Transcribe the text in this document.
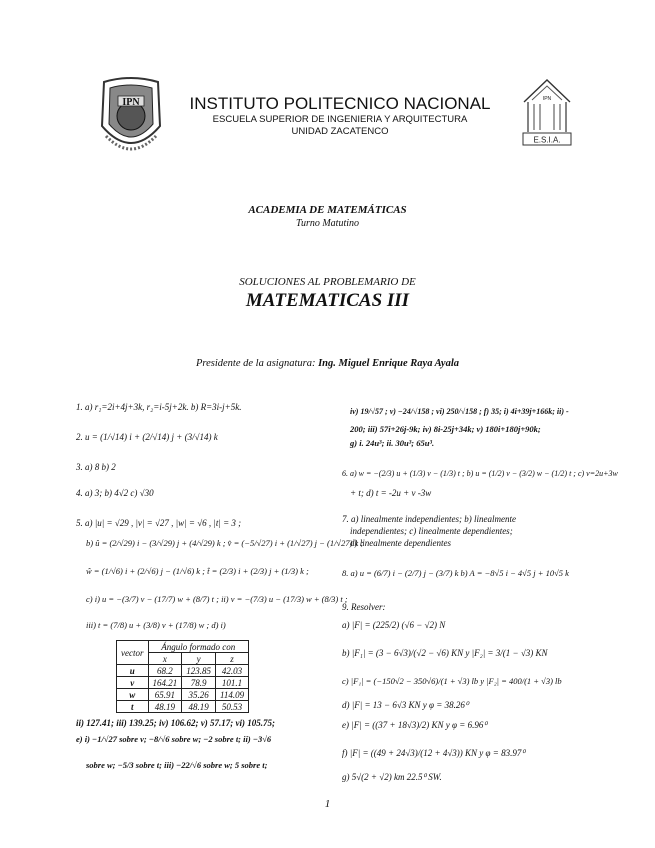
IPN	IPN
E.S.I.A.
INSTITUTO POLITECNICO NACIONAL
ESCUELA SUPERIOR DE INGENIERIA Y ARQUITECTURA
UNIDAD ZACATENCO
ACADEMIA DE MATEMÁTICAS
Turno Matutino
SOLUCIONES AL PROBLEMARIO DE
MATEMATICAS III
Presidente de la asignatura: Ing. Miguel Enrique Raya Ayala
1. a) r₁=2i+4j+3k, r₂=i-5j+2k. b) R=3i-j+5k.
2. u = (1/√14) i + (2/√14) j + (3/√14) k
3. a) 8 b) 2
4. a) 3; b) 4√2 c) √30
5. a) |u| = √29 , |v| = √27 , |w| = √6 , |t| = 3 ;
b) û = (2/√29) i − (3/√29) j + (4/√29) k ; v̂ = (−5/√27) i + (1/√27) j − (1/√27) k ;
ŵ = (1/√6) i + (2/√6) j − (1/√6) k ; t̂ = (2/3) i + (2/3) j + (1/3) k ;
c) i) u = −(3/7) v − (17/7) w + (8/7) t ; ii) v = −(7/3) u − (17/3) w + (8/3) t ;
iii) t = (7/8) u + (3/8) v + (17/8) w ; d) i)
vector	Ángulo formado con		
	x	y	z
u	68.2	123.85	42.03
v	164.21	78.9	101.1
w	65.91	35.26	114.09
t	48.19	48.19	50.53
ii) 127.41; iii) 139.25; iv) 106.62; v) 57.17; vi) 105.75;
e) i) −1/√27 sobre v; −8/√6 sobre w; −2 sobre t; ii) −3√6
sobre w; −5/3 sobre t; iii) −22/√6 sobre w; 5 sobre t;
iv) 19/√57 ; v) −24/√158 ; vi) 250/√158 ; f) 35; i) 4i+39j+166k; ii) -
200; iii) 57i+26j-9k; iv) 8i-25j+34k; v) 180i+180j+90k;
g) i. 24u³; ii. 30u³; 65u³.
6. a) w = −(2/3) u + (1/3) v − (1/3) t ; b) u = (1/2) v − (3/2) w − (1/2) t ; c) v=2u+3w
+ t; d) t = -2u + v -3w
7. a) linealmente independientes; b) linealmente
independientes; c) linealmente dependientes;
d) linealmente dependientes
8. a) u = (6/7) i − (2/7) j − (3/7) k b) A = −8√5 i − 4√5 j + 10√5 k
9. Resolver:
a) |F| = (225/2) (√6 − √2) N
b) |F₁| = (3 − 6√3)/(√2 − √6) KN y |F₂| = 3/(1 − √3) KN
c) |F₁| = (−150√2 − 350√6)/(1 + √3) lb y |F₂| = 400/(1 + √3) lb
d) |F| = 13 − 6√3 KN y φ = 38.26⁰
e) |F| = ((37 + 18√3)/2) KN y φ = 6.96⁰
f) |F| = ((49 + 24√3)/(12 + 4√3)) KN y φ = 83.97⁰
g) 5√(2 + √2) km 22.5⁰ SW.
1
